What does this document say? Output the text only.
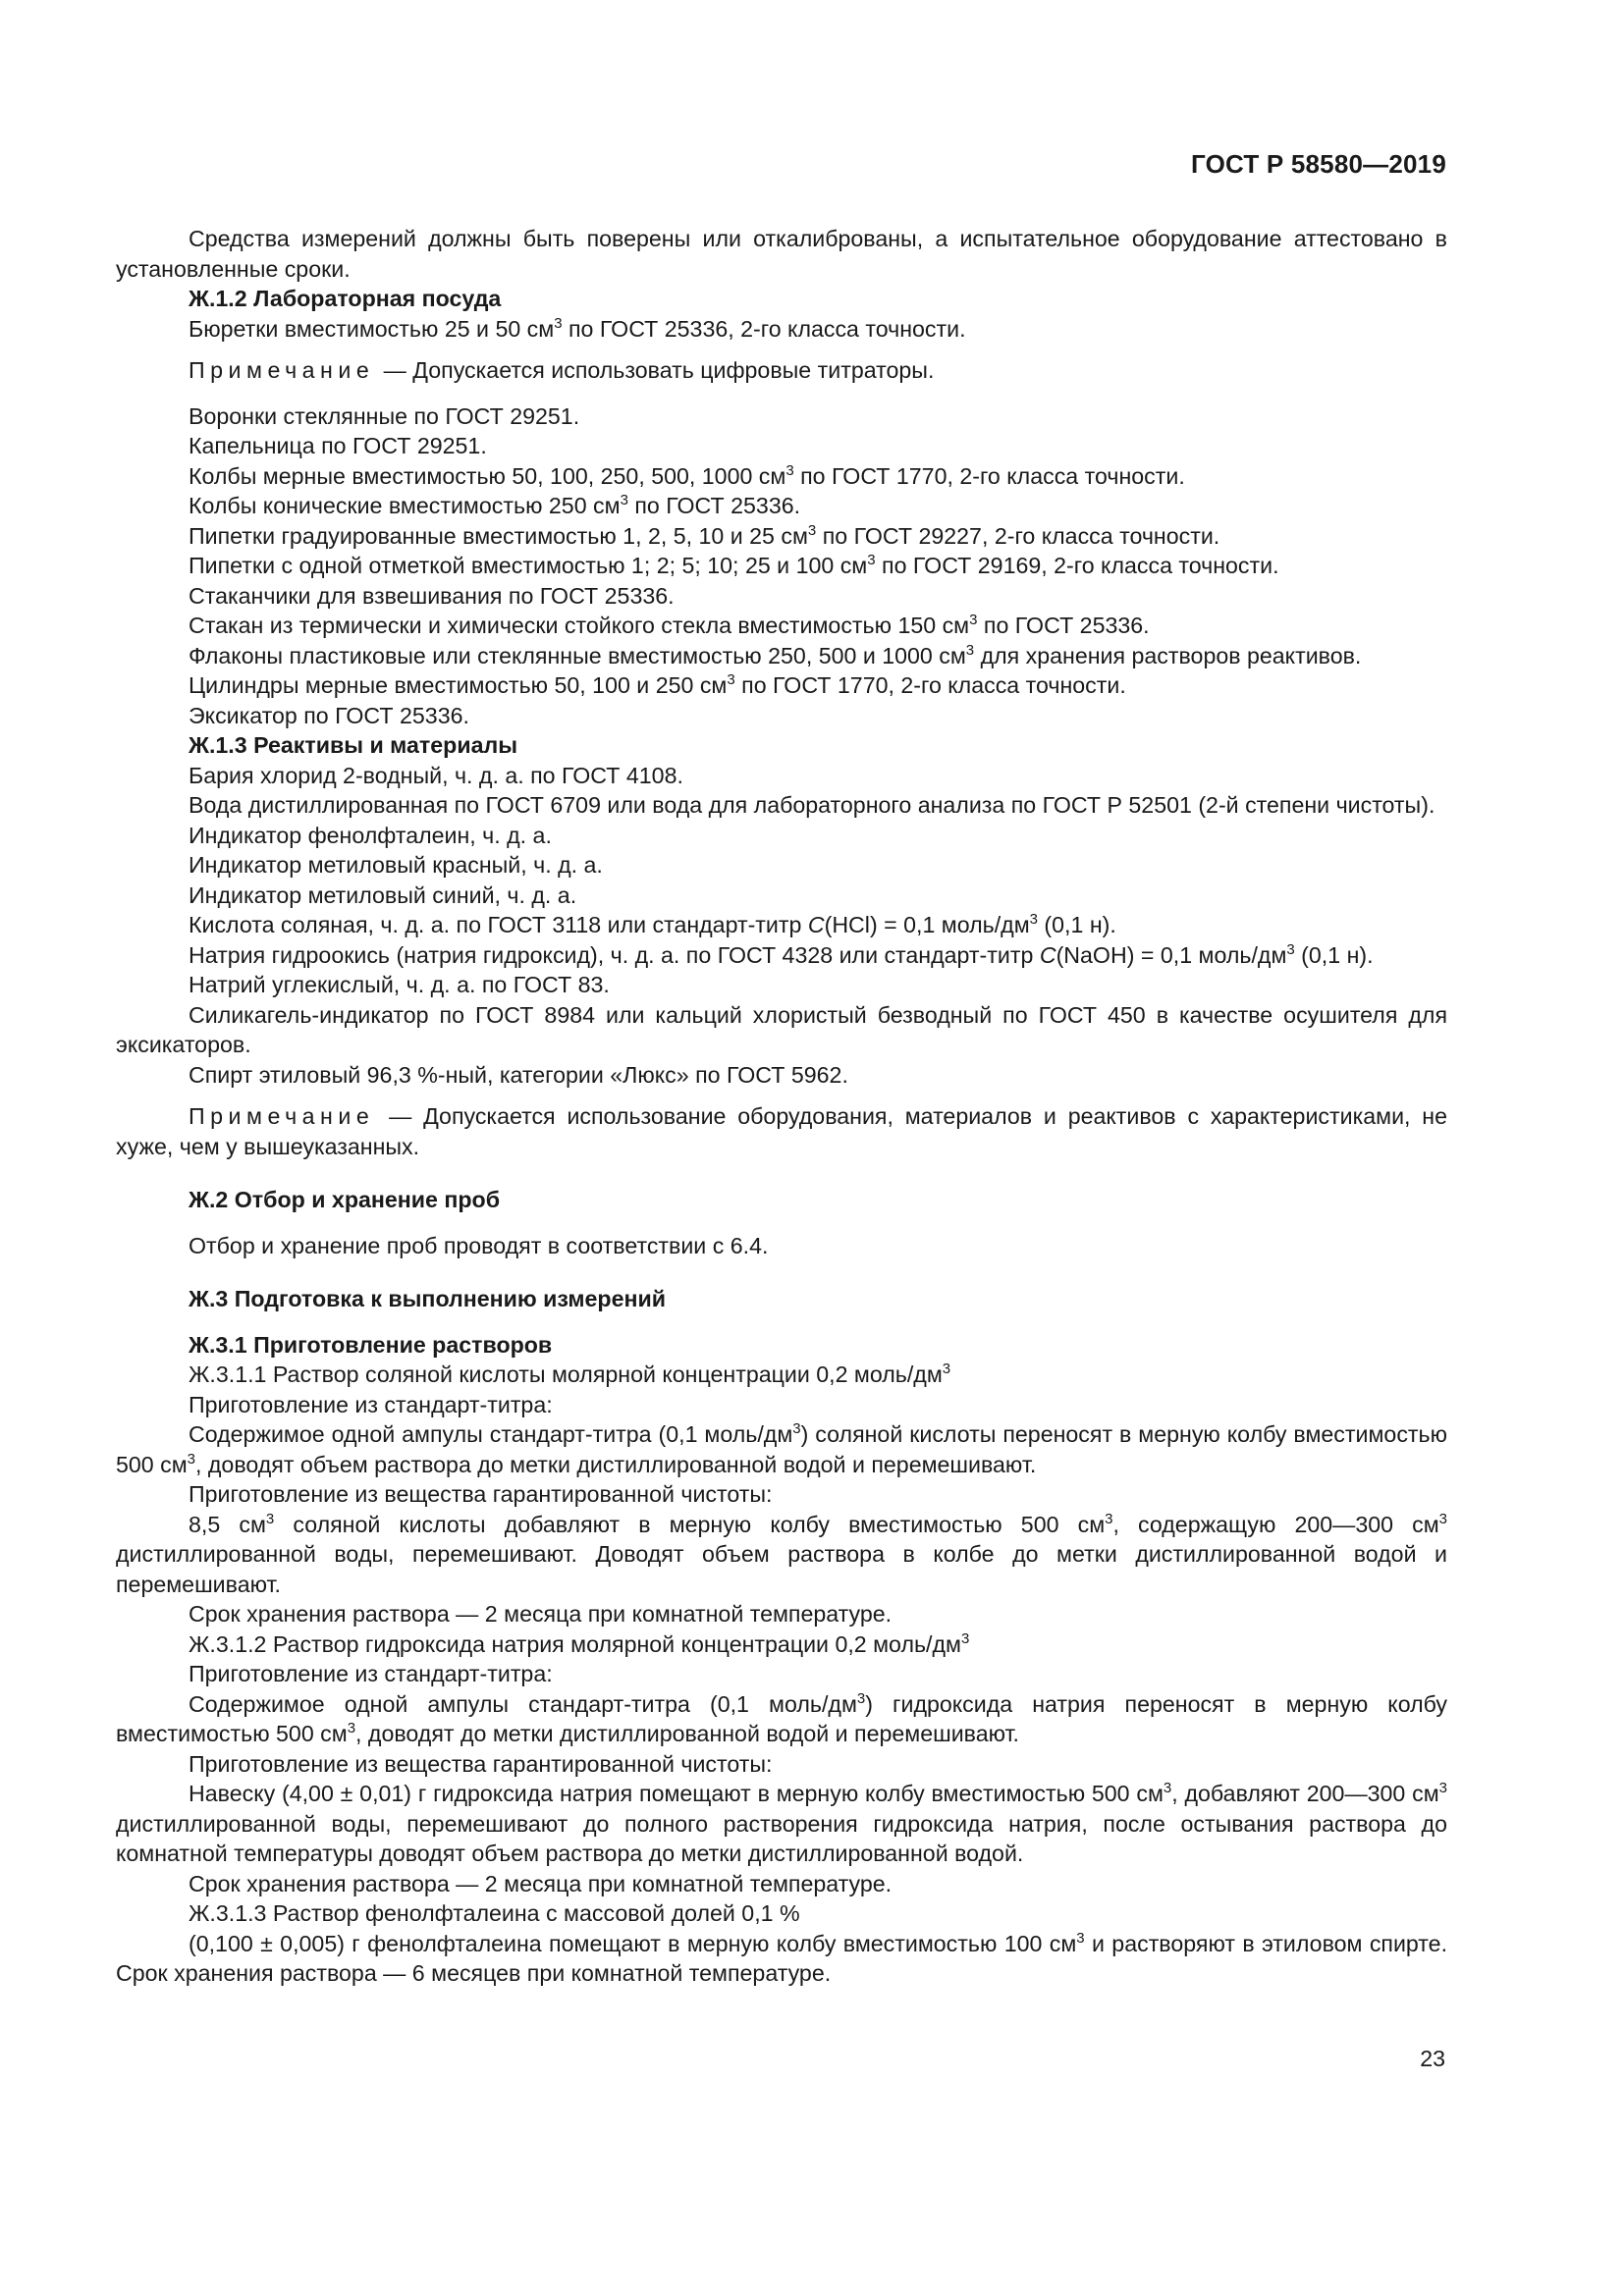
ГОСТ Р 58580—2019

Средства измерений должны быть поверены или откалиброваны, а испытательное оборудование аттестовано в установленные сроки.

Ж.1.2 Лабораторная посуда

Бюретки вместимостью 25 и 50 $см^3$ по ГОСТ 25336, 2-го класса точности.

Примечание — Допускается использовать цифровые титраторы.

Воронки стеклянные по ГОСТ 29251.

Капельница по ГОСТ 29251.

Колбы мерные вместимостью 50, 100, 250, 500, 1000 $см^3$ по ГОСТ 1770, 2-го класса точности.

Колбы конические вместимостью 250 $см^3$ по ГОСТ 25336.

Пипетки градуированные вместимостью 1, 2, 5, 10 и 25 $см^3$ по ГОСТ 29227, 2-го класса точности.

Пипетки с одной отметкой вместимостью 1; 2; 5; 10; 25 и 100 $см^3$ по ГОСТ 29169, 2-го класса точности.

Стаканчики для взвешивания по ГОСТ 25336.

Стакан из термически и химически стойкого стекла вместимостью 150 $см^3$ по ГОСТ 25336.

Флаконы пластиковые или стеклянные вместимостью 250, 500 и 1000 $см^3$ для хранения растворов реактивов.

Цилиндры мерные вместимостью 50, 100 и 250 $см^3$ по ГОСТ 1770, 2-го класса точности.

Эксикатор по ГОСТ 25336.

Ж.1.3 Реактивы и материалы

Бария хлорид 2-водный, ч. д. а. по ГОСТ 4108.

Вода дистиллированная по ГОСТ 6709 или вода для лабораторного анализа по ГОСТ Р 52501 (2-й степени чистоты).

Индикатор фенолфталеин, ч. д. а.

Индикатор метиловый красный, ч. д. а.

Индикатор метиловый синий, ч. д. а.

Кислота соляная, ч. д. а. по ГОСТ 3118 или стандарт-титр С(HCl) = 0,1 моль/$дм^3$ (0,1 н).

Натрия гидроокись (натрия гидроксид), ч. д. а. по ГОСТ 4328 или стандарт-титр С(NaOH) = 0,1 моль/$дм^3$ (0,1 н).

Натрий углекислый, ч. д. а. по ГОСТ 83.

Силикагель-индикатор по ГОСТ 8984 или кальций хлористый безводный по ГОСТ 450 в качестве осушителя для эксикаторов.

Спирт этиловый 96,3 %-ный, категории «Люкс» по ГОСТ 5962.

Примечание — Допускается использование оборудования, материалов и реактивов с характеристиками, не хуже, чем у вышеуказанных.

Ж.2 Отбор и хранение проб

Отбор и хранение проб проводят в соответствии с 6.4.

Ж.3 Подготовка к выполнению измерений

Ж.3.1 Приготовление растворов

Ж.3.1.1 Раствор соляной кислоты молярной концентрации 0,2 моль/$дм^3$

Приготовление из стандарт-титра:

Содержимое одной ампулы стандарт-титра (0,1 моль/$дм^3$) соляной кислоты переносят в мерную колбу вместимостью 500 $см^3$, доводят объем раствора до метки дистиллированной водой и перемешивают.

Приготовление из вещества гарантированной чистоты:

8,5 $см^3$ соляной кислоты добавляют в мерную колбу вместимостью 500 $см^3$, содержащую 200—300 $см^3$ дистиллированной воды, перемешивают. Доводят объем раствора в колбе до метки дистиллированной водой и перемешивают.

Срок хранения раствора — 2 месяца при комнатной температуре.

Ж.3.1.2 Раствор гидроксида натрия молярной концентрации 0,2 моль/$дм^3$

Приготовление из стандарт-титра:

Содержимое одной ампулы стандарт-титра (0,1 моль/$дм^3$) гидроксида натрия переносят в мерную колбу вместимостью 500 $см^3$, доводят до метки дистиллированной водой и перемешивают.

Приготовление из вещества гарантированной чистоты:

Навеску (4,00 ± 0,01) г гидроксида натрия помещают в мерную колбу вместимостью 500 $см^3$, добавляют 200—300 $см^3$ дистиллированной воды, перемешивают до полного растворения гидроксида натрия, после остывания раствора до комнатной температуры доводят объем раствора до метки дистиллированной водой.

Срок хранения раствора — 2 месяца при комнатной температуре.

Ж.3.1.3 Раствор фенолфталеина с массовой долей 0,1 %

(0,100 ± 0,005) г фенолфталеина помещают в мерную колбу вместимостью 100 $см^3$ и растворяют в этиловом спирте. Срок хранения раствора — 6 месяцев при комнатной температуре.

23
